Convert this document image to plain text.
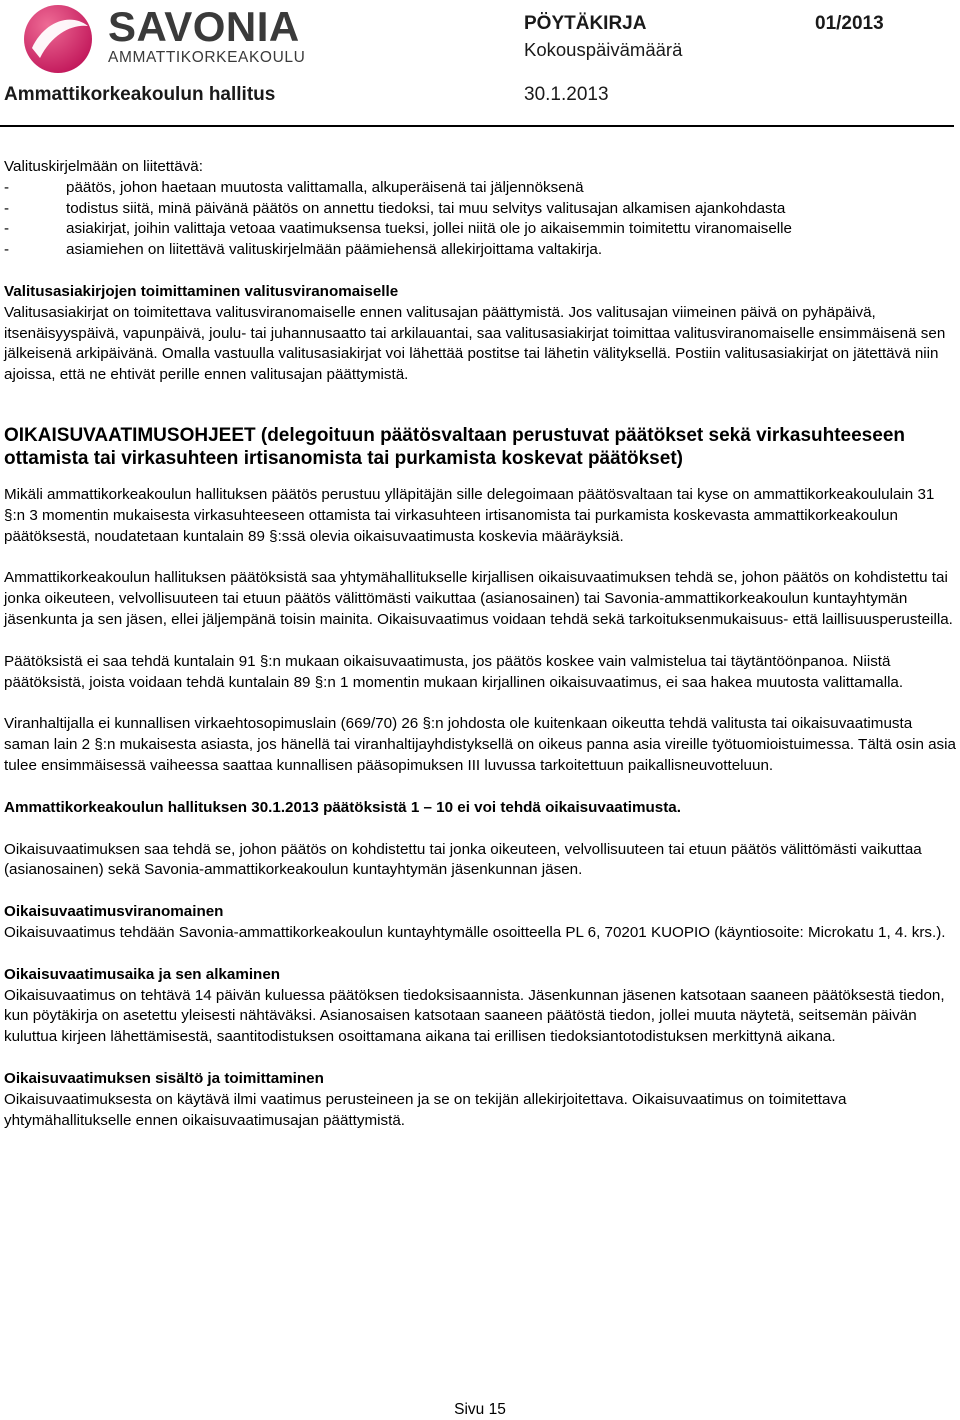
SAVONIA
AMMATTIKORKEAKOULU
PÖYTÄKIRJA	01/2013
Kokouspäivämäärä
Ammattikorkeakoulun hallitus	30.1.2013

Valituskirjelmään on liitettävä:

-	päätös, johon haetaan muutosta valittamalla, alkuperäisenä tai jäljennöksenä
-	todistus siitä, minä päivänä päätös on annettu tiedoksi, tai muu selvitys valitusajan alkamisen ajankohdasta
-	asiakirjat, joihin valittaja vetoaa vaatimuksensa tueksi, jollei niitä ole jo aikaisemmin toimitettu viranomaiselle
-	asiamiehen on liitettävä valituskirjelmään päämiehensä allekirjoittama valtakirja.

Valitusasiakirjojen toimittaminen valitusviranomaiselle

Valitusasiakirjat on toimitettava valitusviranomaiselle ennen valitusajan päättymistä. Jos valitusajan viimeinen päivä on pyhäpäivä, itsenäisyyspäivä, vapunpäivä, joulu- tai juhannusaatto tai arkilauantai, saa valitusasiakirjat toimittaa valitusviranomaiselle ensimmäisenä sen jälkeisenä arkipäivänä. Omalla vastuulla valitusasiakirjat voi lähettää postitse tai lähetin välityksellä. Postiin valitusasiakirjat on jätettävä niin ajoissa, että ne ehtivät perille ennen valitusajan päättymistä.

OIKAISUVAATIMUSOHJEET (delegoituun päätösvaltaan perustuvat päätökset sekä virkasuhteeseen ottamista tai virkasuhteen irtisanomista tai purkamista koskevat päätökset)

Mikäli ammattikorkeakoulun hallituksen päätös perustuu ylläpitäjän sille delegoimaan päätösvaltaan tai kyse on ammattikorkeakoululain 31 §:n 3 momentin mukaisesta virkasuhteeseen ottamista tai virkasuhteen irtisanomista tai purkamista koskevasta ammattikorkeakoulun päätöksestä, noudatetaan kuntalain 89 §:ssä olevia oikaisuvaatimusta koskevia määräyksiä.

Ammattikorkeakoulun hallituksen päätöksistä saa yhtymähallitukselle kirjallisen oikaisuvaatimuksen tehdä se, johon päätös on kohdistettu tai jonka oikeuteen, velvollisuuteen tai etuun päätös välittömästi vaikuttaa (asianosainen) tai Savonia-ammattikorkeakoulun kuntayhtymän jäsenkunta ja sen jäsen, ellei jäljempänä toisin mainita. Oikaisuvaatimus voidaan tehdä sekä tarkoituksenmukaisuus- että laillisuusperusteilla.

Päätöksistä ei saa tehdä kuntalain 91 §:n mukaan oikaisuvaatimusta, jos päätös koskee vain valmistelua tai täytäntöönpanoa. Niistä päätöksistä, joista voidaan tehdä kuntalain 89 §:n 1 momentin mukaan kirjallinen oikaisuvaatimus, ei saa hakea muutosta valittamalla.

Viranhaltijalla ei kunnallisen virkaehtosopimuslain (669/70) 26 §:n johdosta ole kuitenkaan oikeutta tehdä valitusta tai oikaisuvaatimusta saman lain 2 §:n mukaisesta asiasta, jos hänellä tai viranhaltijayhdistyksellä on oikeus panna asia vireille työtuomioistuimessa. Tältä osin asia tulee ensimmäisessä vaiheessa saattaa kunnallisen pääsopimuksen III luvussa tarkoitettuun paikallisneuvotteluun.

Ammattikorkeakoulun hallituksen 30.1.2013 päätöksistä 1 – 10 ei voi tehdä oikaisuvaatimusta.

Oikaisuvaatimuksen saa tehdä se, johon päätös on kohdistettu tai jonka oikeuteen, velvollisuuteen tai etuun päätös välittömästi vaikuttaa (asianosainen) sekä Savonia-ammattikorkeakoulun kuntayhtymän jäsenkunnan jäsen.

Oikaisuvaatimusviranomainen

Oikaisuvaatimus tehdään Savonia-ammattikorkeakoulun kuntayhtymälle osoitteella PL 6, 70201 KUOPIO (käyntiosoite: Microkatu 1, 4. krs.).

Oikaisuvaatimusaika ja sen alkaminen

Oikaisuvaatimus on tehtävä 14 päivän kuluessa päätöksen tiedoksisaannista. Jäsenkunnan jäsenen katsotaan saaneen päätöksestä tiedon, kun pöytäkirja on asetettu yleisesti nähtäväksi. Asianosaisen katsotaan saaneen päätöstä tiedon, jollei muuta näytetä, seitsemän päivän kuluttua kirjeen lähettämisestä, saantitodistuksen osoittamana aikana tai erillisen tiedoksiantotodistuksen merkittynä aikana.

Oikaisuvaatimuksen sisältö ja toimittaminen

Oikaisuvaatimuksesta on käytävä ilmi vaatimus perusteineen ja se on tekijän allekirjoitettava. Oikaisuvaatimus on toimitettava yhtymähallitukselle ennen oikaisuvaatimusajan päättymistä.

Sivu 15
